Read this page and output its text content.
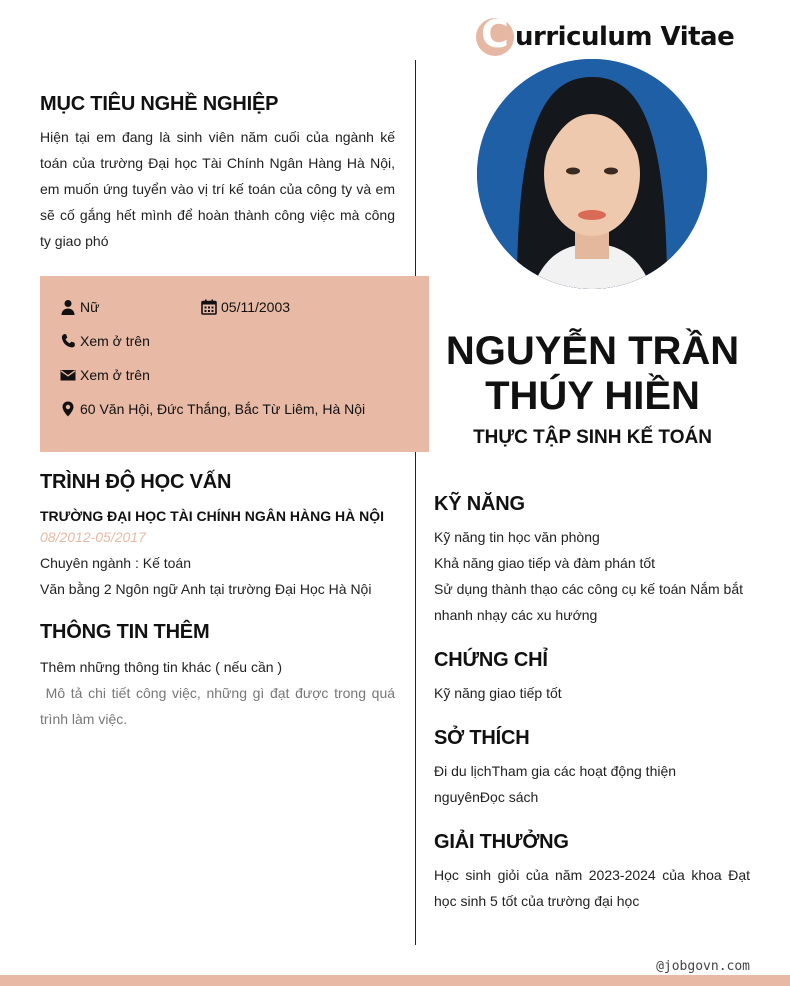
C urriculum Vitae
MỤC TIÊU NGHỀ NGHIỆP
Hiện tại em đang là sinh viên năm cuối của ngành kế toán của trường Đại học Tài Chính Ngân Hàng Hà Nội, em muốn ứng tuyển vào vị trí kế toán của công ty và em sẽ cố gắng hết mình để hoàn thành công việc mà công ty giao phó
Nữ	05/11/2003
Xem ở trên
Xem ở trên
60 Văn Hội, Đức Thắng, Bắc Từ Liêm, Hà Nội
TRÌNH ĐỘ HỌC VẤN
TRƯỜNG ĐẠI HỌC TÀI CHÍNH NGÂN HÀNG HÀ NỘI
08/2012-05/2017
Chuyên ngành : Kế toán
Văn bằng 2 Ngôn ngữ Anh tại trường Đại Học Hà Nội
THÔNG TIN THÊM
Thêm những thông tin khác ( nếu cần )
Mô tả chi tiết công việc, những gì đạt được trong quá trình làm việc.
NGUYỄN TRẦN
THÚY HIỀN
THỰC TẬP SINH KẾ TOÁN
KỸ NĂNG
Kỹ năng tin học văn phòng
Khả năng giao tiếp và đàm phán tốt
Sử dụng thành thạo các công cụ kế toán Nắm bắt nhanh nhạy các xu hướng
CHỨNG CHỈ
Kỹ năng giao tiếp tốt
SỞ THÍCH
Đi du lịchTham gia các hoạt động thiện nguyênĐọc sách
GIẢI THƯỞNG
Học sinh giỏi của năm 2023-2024 của khoa Đạt học sinh 5 tốt của trường đại học
@jobgovn.com
